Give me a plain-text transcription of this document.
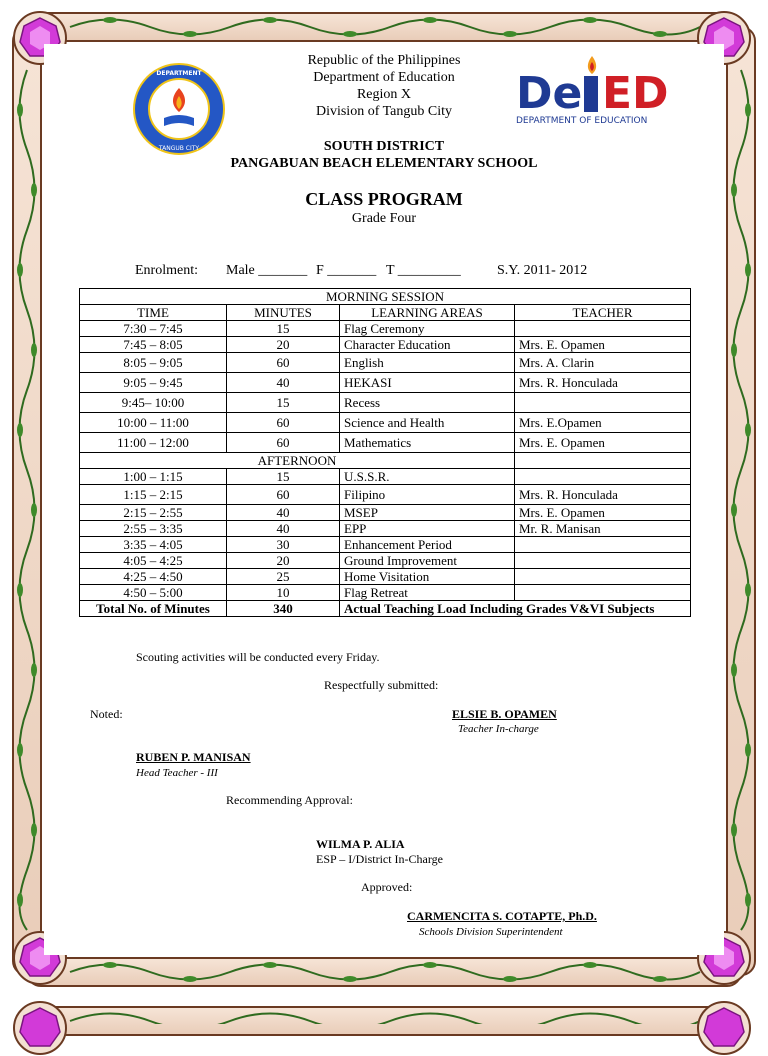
DEPARTMENT
TANGUB CITY
De ED
DEPARTMENT OF EDUCATION
Republic of the Philippines
Department of Education
Region X
Division of Tangub City
SOUTH DISTRICT
PANGABUAN BEACH ELEMENTARY SCHOOL
CLASS PROGRAM
Grade Four
Enrolment: Male _______ F _______ T _________	S.Y. 2011- 2012
MORNING SESSION			
TIME	MINUTES	LEARNING AREAS	TEACHER
7:30 – 7:45	15	Flag Ceremony	
7:45 – 8:05	20	Character Education	Mrs. E. Opamen
8:05 – 9:05	60	English	Mrs. A. Clarin
9:05 – 9:45	40	HEKASI	Mrs. R. Honculada
9:45– 10:00	15	Recess	
10:00 – 11:00	60	Science and Health	Mrs. E.Opamen
11:00 – 12:00	60	Mathematics	Mrs. E. Opamen
AFTERNOON			
1:00 – 1:15	15	U.S.S.R.	
1:15 – 2:15	60	Filipino	Mrs. R. Honculada
2:15 – 2:55	40	MSEP	Mrs. E. Opamen
2:55 – 3:35	40	EPP	Mr. R. Manisan
3:35 – 4:05	30	Enhancement Period	
4:05 – 4:25	20	Ground Improvement	
4:25 – 4:50	25	Home Visitation	
4:50 – 5:00	10	Flag Retreat	
Total No. of Minutes	340	Actual Teaching Load Including Grades V&VI Subjects	
Scouting activities will be conducted every Friday.
Respectfully submitted:
Noted:	ELSIE B. OPAMEN
Teacher In-charge
RUBEN P. MANISAN
Head Teacher - III
Recommending Approval:
WILMA P. ALIA
ESP – I/District In-Charge
Approved:
CARMENCITA S. COTAPTE, Ph.D.
Schools Division Superintendent
